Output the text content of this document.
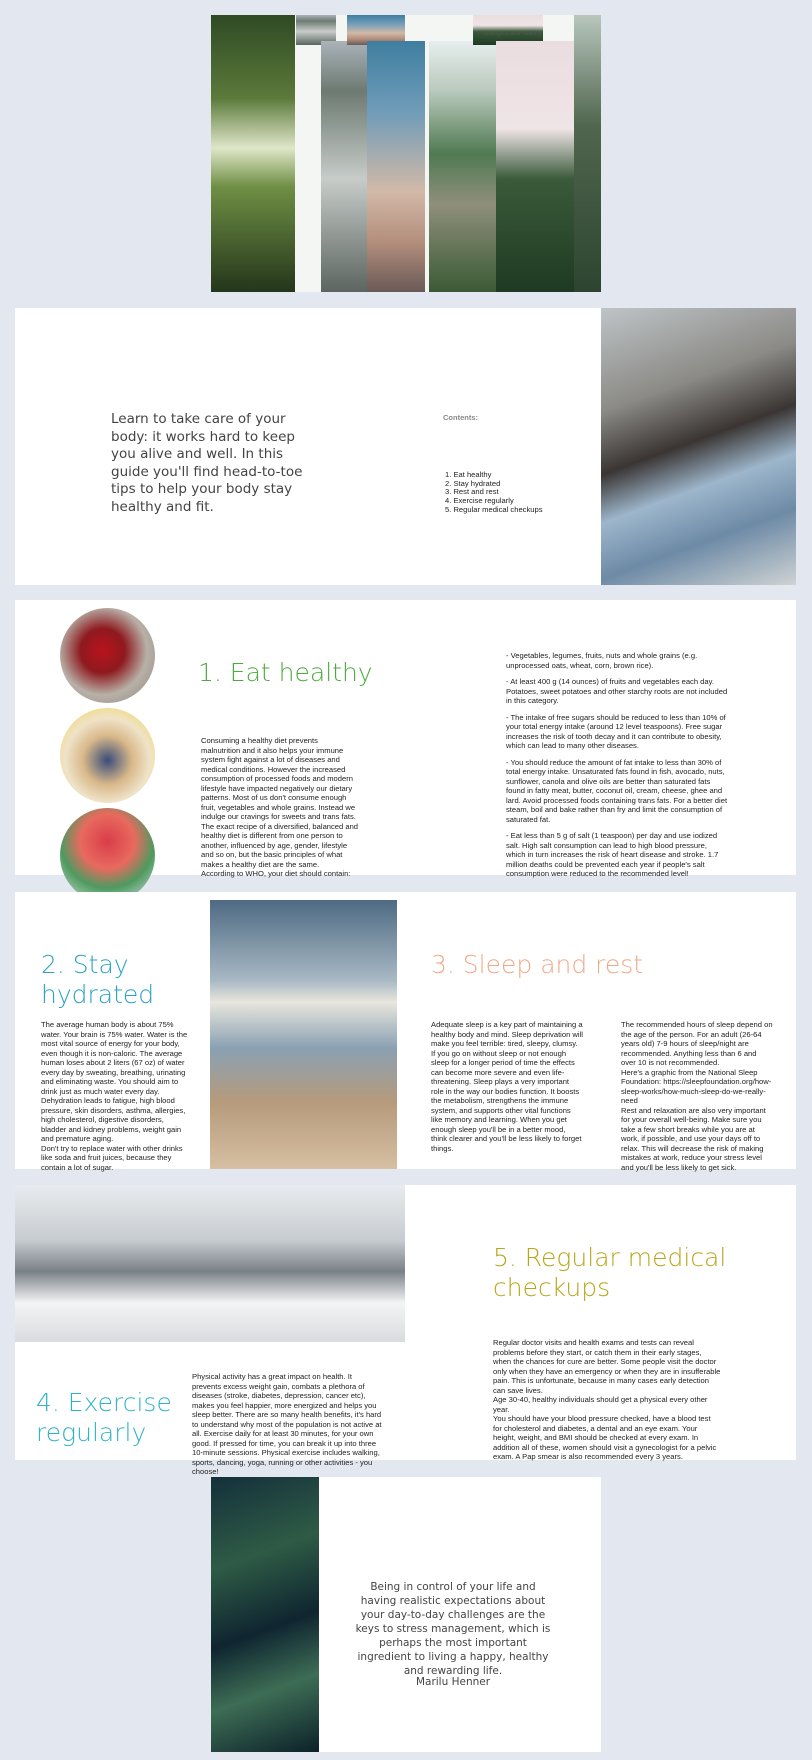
Strengths and healthy
Learn to take care of your body: it works hard to keep you alive and well. In this guide you'll find head-to-toe tips to help your body stay healthy and fit.
Contents:
1. Eat healthy
2. Stay hydrated
3. Rest and rest
4. Exercise regularly
5. Regular medical checkups
1. Eat healthy
Consuming a healthy diet prevents malnutrition and it also helps your immune system fight against a lot of diseases and medical conditions. However the increased consumption of processed foods and modern lifestyle have impacted negatively our dietary patterns. Most of us don't consume enough fruit, vegetables and whole grains. Instead we indulge our cravings for sweets and trans fats. The exact recipe of a diversified, balanced and healthy diet is different from one person to another, influenced by age, gender, lifestyle and so on, but the basic principles of what makes a healthy diet are the same.
According to WHO, your diet should contain:

- Vegetables, legumes, fruits, nuts and whole grains (e.g. unprocessed oats, wheat, corn, brown rice).

- At least 400 g (14 ounces) of fruits and vegetables each day. Potatoes, sweet potatoes and other starchy roots are not included in this category.

- The intake of free sugars should be reduced to less than 10% of your total energy intake (around 12 level teaspoons). Free sugar increases the risk of tooth decay and it can contribute to obesity, which can lead to many other diseases.

- You should reduce the amount of fat intake to less than 30% of total energy intake. Unsaturated fats found in fish, avocado, nuts, sunflower, canola and olive oils are better than saturated fats found in fatty meat, butter, coconut oil, cream, cheese, ghee and lard. Avoid processed foods containing trans fats. For a better diet steam, boil and bake rather than fry and limit the consumption of saturated fat.

- Eat less than 5 g of salt (1 teaspoon) per day and use iodized salt. High salt consumption can lead to high blood pressure, which in turn increases the risk of heart disease and stroke. 1.7 million deaths could be prevented each year if people's salt consumption were reduced to the recommended level!

2. Stay hydrated
The average human body is about 75% water. Your brain is 75% water. Water is the most vital source of energy for your body, even though it is non-caloric. The average human loses about 2 liters (67 oz) of water every day by sweating, breathing, urinating and eliminating waste. You should aim to drink just as much water every day. Dehydration leads to fatigue, high blood pressure, skin disorders, asthma, allergies, high cholesterol, digestive disorders, bladder and kidney problems, weight gain and premature aging.
Don't try to replace water with other drinks like soda and fruit juices, because they contain a lot of sugar.
3. Sleep and rest
Adequate sleep is a key part of maintaining a healthy body and mind. Sleep deprivation will make you feel terrible: tired, sleepy, clumsy. If you go on without sleep or not enough sleep for a longer period of time the effects can become more severe and even life-threatening. Sleep plays a very important role in the way our bodies function. It boosts the metabolism, strengthens the immune system, and supports other vital functions like memory and learning. When you get enough sleep you'll be in a better mood, think clearer and you'll be less likely to forget things.
The recommended hours of sleep depend on the age of the person. For an adult (26-64 years old) 7-9 hours of sleep/night are recommended. Anything less than 6 and over 10 is not recommended.
Here's a graphic from the National Sleep Foundation: https://sleepfoundation.org/how-sleep-works/how-much-sleep-do-we-really-need
Rest and relaxation are also very important for your overall well-being. Make sure you take a few short breaks while you are at work, if possible, and use your days off to relax. This will decrease the risk of making mistakes at work, reduce your stress level and you'll be less likely to get sick.
4. Exercise regularly
Physical activity has a great impact on health. It prevents excess weight gain, combats a plethora of diseases (stroke, diabetes, depression, cancer etc), makes you feel happier, more energized and helps you sleep better. There are so many health benefits, it's hard to understand why most of the population is not active at all. Exercise daily for at least 30 minutes, for your own good. If pressed for time, you can break it up into three 10-minute sessions. Physical exercise includes walking, sports, dancing, yoga, running or other activities - you choose!
5. Regular medical checkups
Regular doctor visits and health exams and tests can reveal problems before they start, or catch them in their early stages, when the chances for cure are better. Some people visit the doctor only when they have an emergency or when they are in insufferable pain. This is unfortunate, because in many cases early detection can save lives.
Age 30-40, healthy individuals should get a physical every other year.
You should have your blood pressure checked, have a blood test for cholesterol and diabetes, a dental and an eye exam. Your height, weight, and BMI should be checked at every exam. In addition all of these, women should visit a gynecologist for a pelvic exam. A Pap smear is also recommended every 3 years.
Being in control of your life and having realistic expectations about your day-to-day challenges are the keys to stress management, which is perhaps the most important ingredient to living a happy, healthy and rewarding life.
Marilu Henner
